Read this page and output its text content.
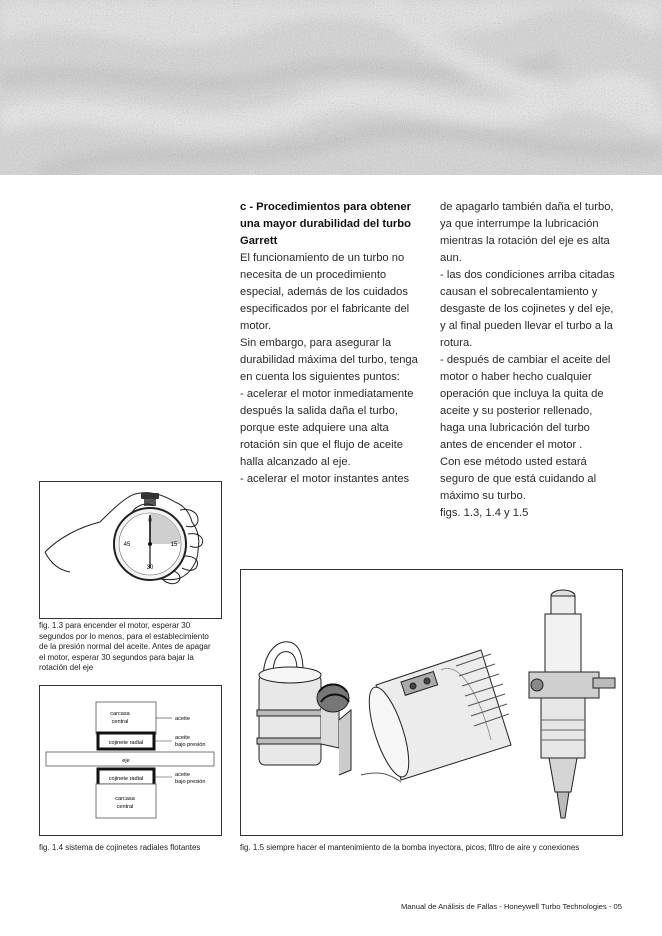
c - Procedimientos para obtener una mayor durabilidad del turbo Garrett

El funcionamiento de un turbo no necesita de un procedimiento especial, además de los cuidados especificados por el fabricante del motor.

Sin embargo, para asegurar la durabilidad máxima del turbo, tenga en cuenta los siguientes puntos:

- acelerar el motor inmediatamente después la salida daña el turbo, porque este adquiere una alta rotación sin que el flujo de aceite halla alcanzado al eje.

- acelerar el motor instantes antes

de apagarlo también daña el turbo, ya que interrumpe la lubricación mientras la rotación del eje es alta aun.

- las dos condiciones arriba citadas causan el sobrecalentamiento y desgaste de los cojinetes y del eje, y al final pueden llevar el turbo a la rotura.

- después de cambiar el aceite del motor o haber hecho cualquier operación que incluya la quita de aceite y su posterior rellenado, haga una lubricación del turbo antes de encender el motor .

Con ese método usted estará seguro de que está cuidando al máximo su turbo.

figs. 1.3, 1.4 y 1.5

0
15
30
45
fig. 1.3 para encender el motor, esperar 30 segundos por lo menos, para el establecimiento de la presión normal del aceite. Antes de apagar el motor, esperar 30 segundos para bajar la rotación del eje
carcasa
central
cojinete radial
eje
cojinete radial
carcasa
central
aceite
aceite
bajo presión
aceite
bajo presión
fig. 1.4 sistema de cojinetes radiales flotantes	fig. 1.5 siempre hacer el mantenimiento de la bomba inyectora, picos, filtro de aire y conexiones
Manual de Análisis de Fallas - Honeywell Turbo Technologies - 05
